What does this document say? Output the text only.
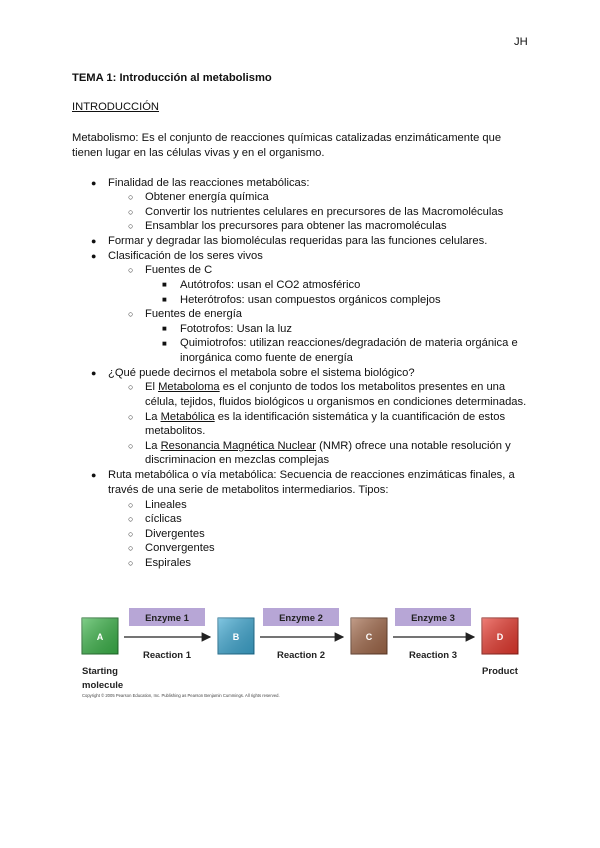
JH
TEMA 1: Introducción al metabolismo
INTRODUCCIÓN
Metabolismo: Es el conjunto de reacciones químicas catalizadas enzimáticamente que
tienen lugar en las células vivas y en el organismo.
● Finalidad de las reacciones metabólicas:
○ Obtener energía química
○ Convertir los nutrientes celulares en precursores de las Macromoléculas
○ Ensamblar los precursores para obtener las macromoléculas
● Formar y degradar las biomoléculas requeridas para las funciones celulares.
● Clasificación de los seres vivos
○ Fuentes de C
■ Autótrofos: usan el CO2 atmosférico
■ Heterótrofos: usan compuestos orgánicos complejos
○ Fuentes de energía
■ Fototrofos: Usan la luz
■ Quimiotrofos: utilizan reacciones/degradación de materia orgánica e
inorgánica como fuente de energía
● ¿Qué puede decirnos el metabola sobre el sistema biológico?
○ El Metaboloma es el conjunto de todos los metabolitos presentes en una
célula, tejidos, fluidos biológicos u organismos en condiciones determinadas.
○ La Metabólica es la identificación sistemática y la cuantificación de estos
metabolitos.
○ La Resonancia Magnética Nuclear (NMR) ofrece una notable resolución y
discriminacion en mezclas complejas
● Ruta metabólica o vía metabólica: Secuencia de reacciones enzimáticas finales, a
través de una serie de metabolitos intermediarios. Tipos:
○ Lineales
○ cíclicas
○ Divergentes
○ Convergentes
○ Espirales
A	B	C	D
Enzyme 1	Enzyme 2	Enzyme 3
Reaction 1	Reaction 2	Reaction 3
Starting
molecule
Product
Copyright © 2005 Pearson Education, Inc. Publishing as Pearson Benjamin Cummings. All rights reserved.
